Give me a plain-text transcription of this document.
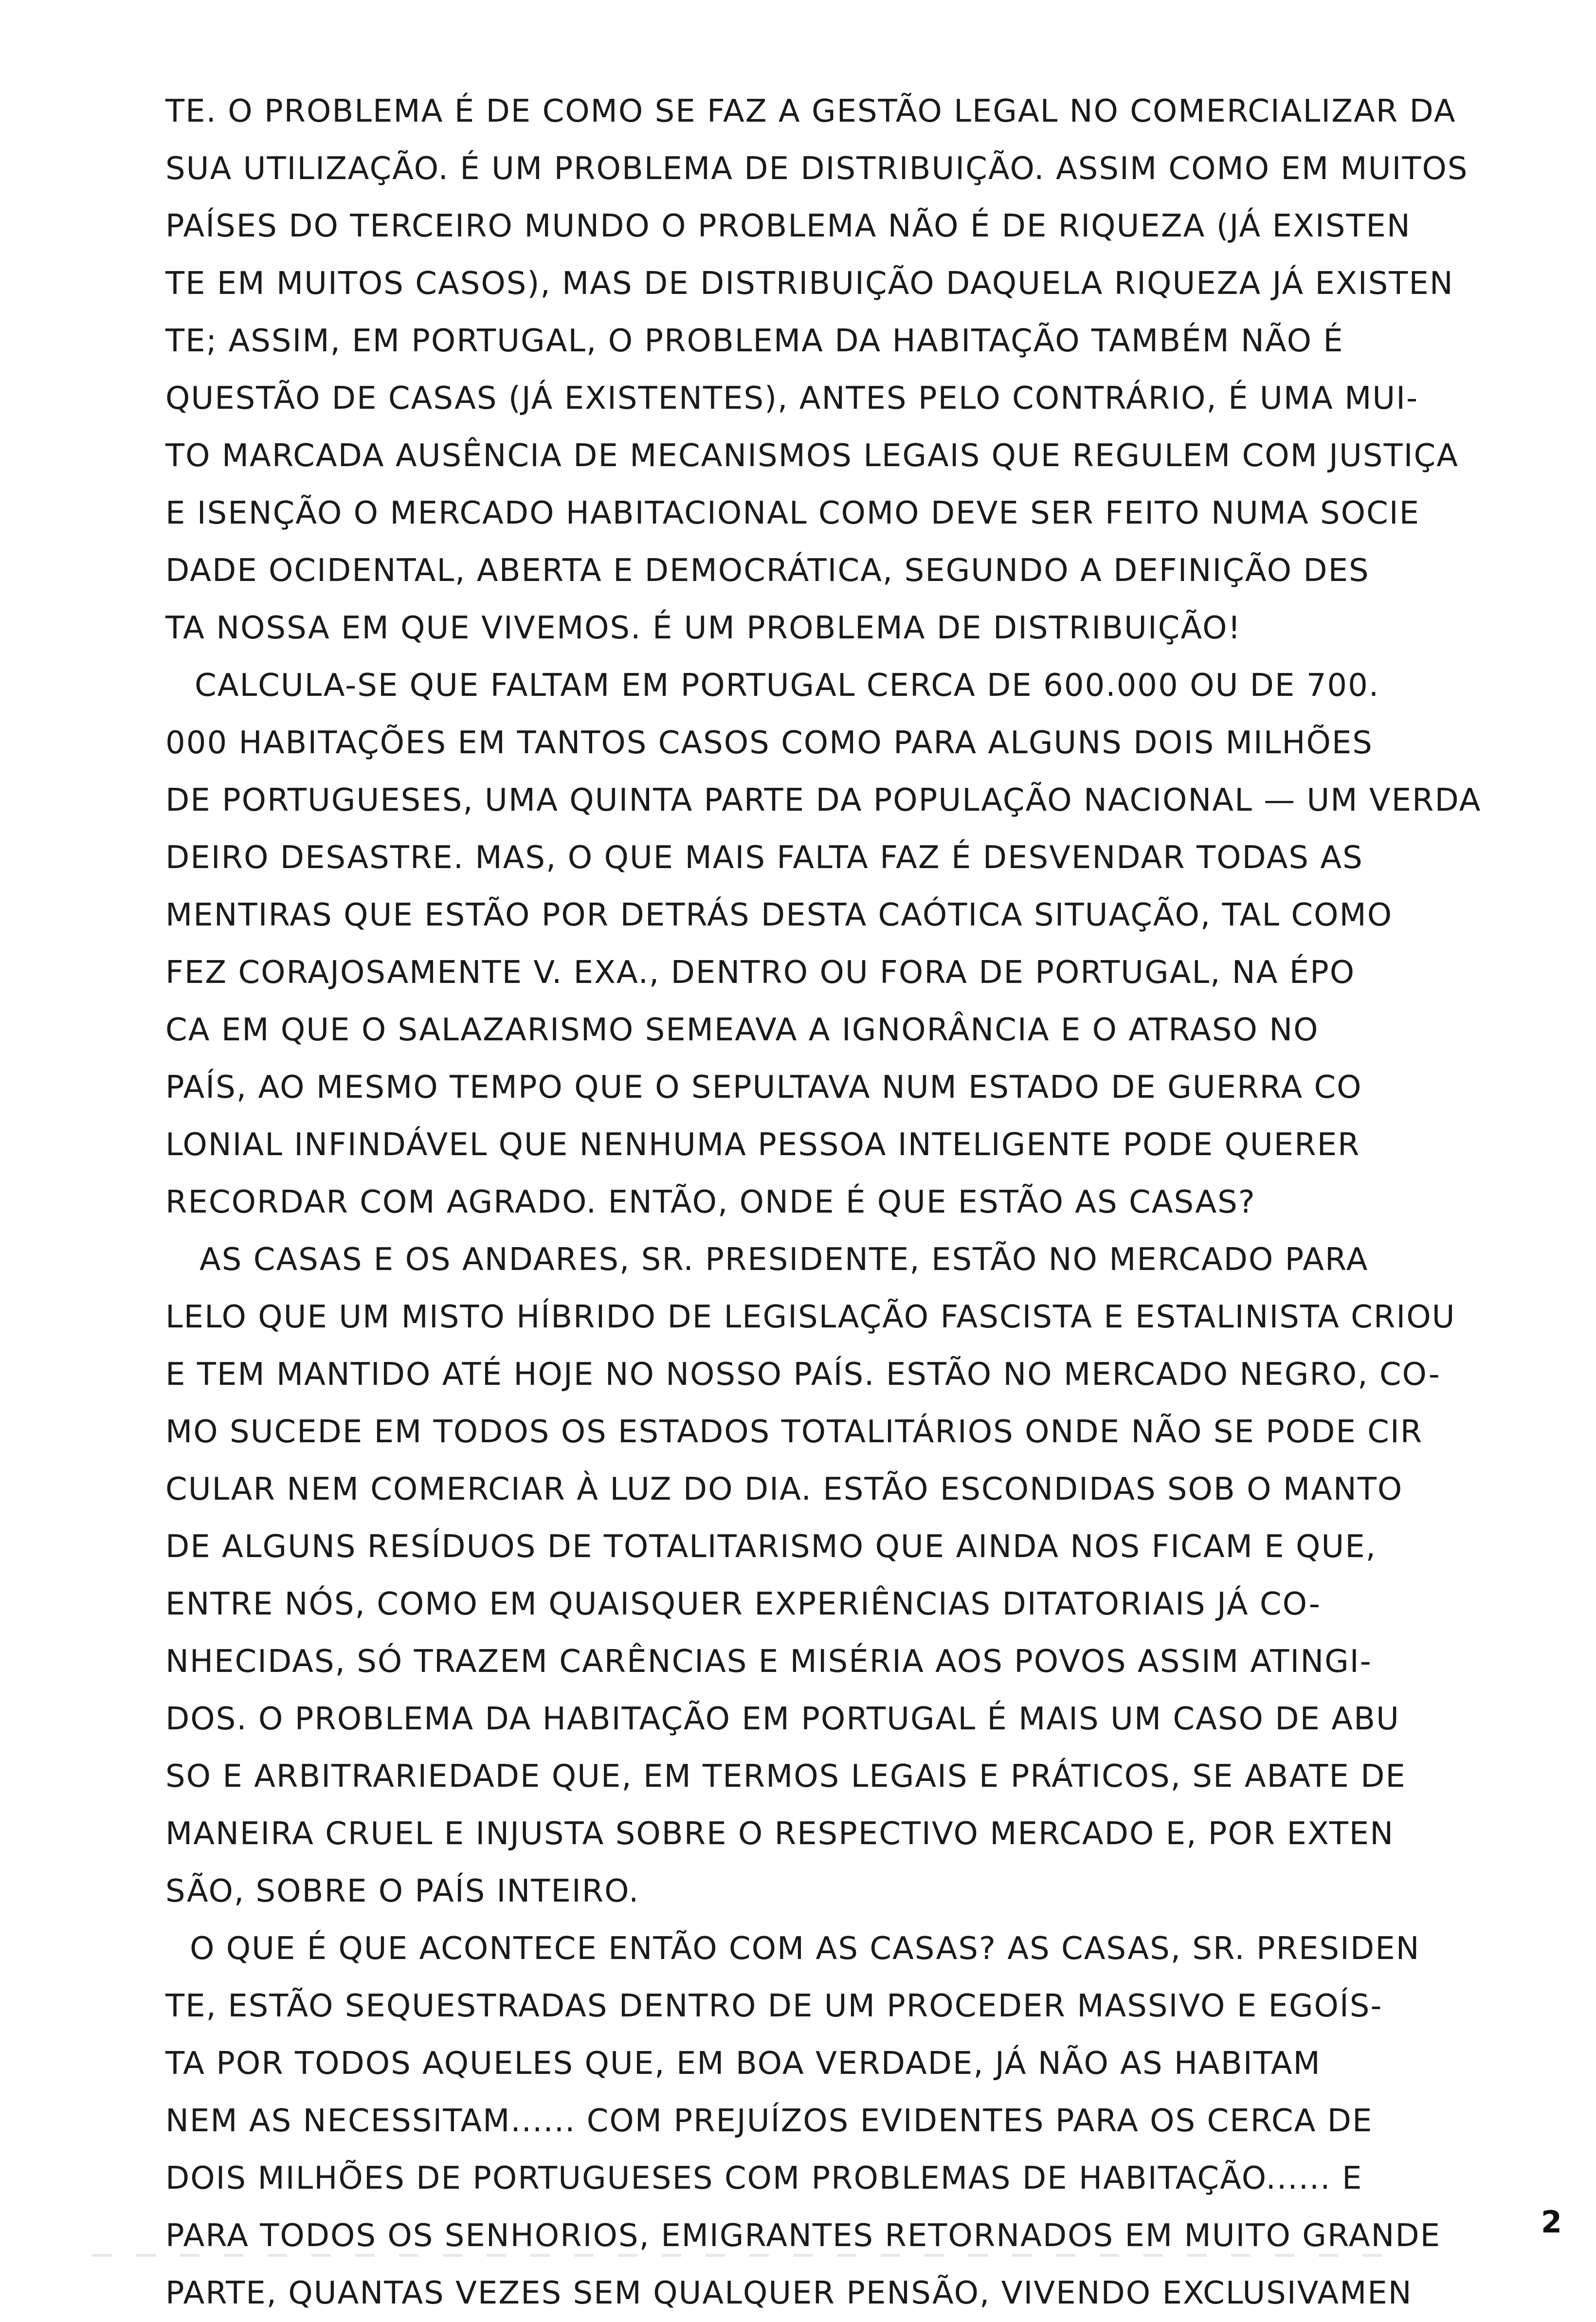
TE. O PROBLEMA É DE COMO SE FAZ A GESTÃO LEGAL NO COMERCIALIZAR DA
SUA UTILIZAÇÃO. É UM PROBLEMA DE DISTRIBUIÇÃO. ASSIM COMO EM MUITOS
PAÍSES DO TERCEIRO MUNDO O PROBLEMA NÃO É DE RIQUEZA (JÁ EXISTEN
TE EM MUITOS CASOS), MAS DE DISTRIBUIÇÃO DAQUELA RIQUEZA JÁ EXISTEN
TE; ASSIM, EM PORTUGAL, O PROBLEMA DA HABITAÇÃO TAMBÉM NÃO É
QUESTÃO DE CASAS (JÁ EXISTENTES), ANTES PELO CONTRÁRIO, É UMA MUI-
TO MARCADA AUSÊNCIA DE MECANISMOS LEGAIS QUE REGULEM COM JUSTIÇA
E ISENÇÃO O MERCADO HABITACIONAL COMO DEVE SER FEITO NUMA SOCIE
DADE OCIDENTAL, ABERTA E DEMOCRÁTICA, SEGUNDO A DEFINIÇÃO DES
TA NOSSA EM QUE VIVEMOS. É UM PROBLEMA DE DISTRIBUIÇÃO!
CALCULA-SE QUE FALTAM EM PORTUGAL CERCA DE 600.000 OU DE 700.
000 HABITAÇÕES EM TANTOS CASOS COMO PARA ALGUNS DOIS MILHÕES
DE PORTUGUESES, UMA QUINTA PARTE DA POPULAÇÃO NACIONAL — UM VERDA
DEIRO DESASTRE. MAS, O QUE MAIS FALTA FAZ É DESVENDAR TODAS AS
MENTIRAS QUE ESTÃO POR DETRÁS DESTA CAÓTICA SITUAÇÃO, TAL COMO
FEZ CORAJOSAMENTE V. EXA., DENTRO OU FORA DE PORTUGAL, NA ÉPO
CA EM QUE O SALAZARISMO SEMEAVA A IGNORÂNCIA E O ATRASO NO
PAÍS, AO MESMO TEMPO QUE O SEPULTAVA NUM ESTADO DE GUERRA CO
LONIAL INFINDÁVEL QUE NENHUMA PESSOA INTELIGENTE PODE QUERER
RECORDAR COM AGRADO. ENTÃO, ONDE É QUE ESTÃO AS CASAS?
AS CASAS E OS ANDARES, SR. PRESIDENTE, ESTÃO NO MERCADO PARA
LELO QUE UM MISTO HÍBRIDO DE LEGISLAÇÃO FASCISTA E ESTALINISTA CRIOU
E TEM MANTIDO ATÉ HOJE NO NOSSO PAÍS. ESTÃO NO MERCADO NEGRO, CO-
MO SUCEDE EM TODOS OS ESTADOS TOTALITÁRIOS ONDE NÃO SE PODE CIR
CULAR NEM COMERCIAR À LUZ DO DIA. ESTÃO ESCONDIDAS SOB O MANTO
DE ALGUNS RESÍDUOS DE TOTALITARISMO QUE AINDA NOS FICAM E QUE,
ENTRE NÓS, COMO EM QUAISQUER EXPERIÊNCIAS DITATORIAIS JÁ CO-
NHECIDAS, SÓ TRAZEM CARÊNCIAS E MISÉRIA AOS POVOS ASSIM ATINGI-
DOS. O PROBLEMA DA HABITAÇÃO EM PORTUGAL É MAIS UM CASO DE ABU
SO E ARBITRARIEDADE QUE, EM TERMOS LEGAIS E PRÁTICOS, SE ABATE DE
MANEIRA CRUEL E INJUSTA SOBRE O RESPECTIVO MERCADO E, POR EXTEN
SÃO, SOBRE O PAÍS INTEIRO.
O QUE É QUE ACONTECE ENTÃO COM AS CASAS? AS CASAS, SR. PRESIDEN
TE, ESTÃO SEQUESTRADAS DENTRO DE UM PROCEDER MASSIVO E EGOÍS-
TA POR TODOS AQUELES QUE, EM BOA VERDADE, JÁ NÃO AS HABITAM
NEM AS NECESSITAM...... COM PREJUÍZOS EVIDENTES PARA OS CERCA DE
DOIS MILHÕES DE PORTUGUESES COM PROBLEMAS DE HABITAÇÃO...... E
PARA TODOS OS SENHORIOS, EMIGRANTES RETORNADOS EM MUITO GRANDE
PARTE, QUANTAS VEZES SEM QUALQUER PENSÃO, VIVENDO EXCLUSIVAMEN
2
